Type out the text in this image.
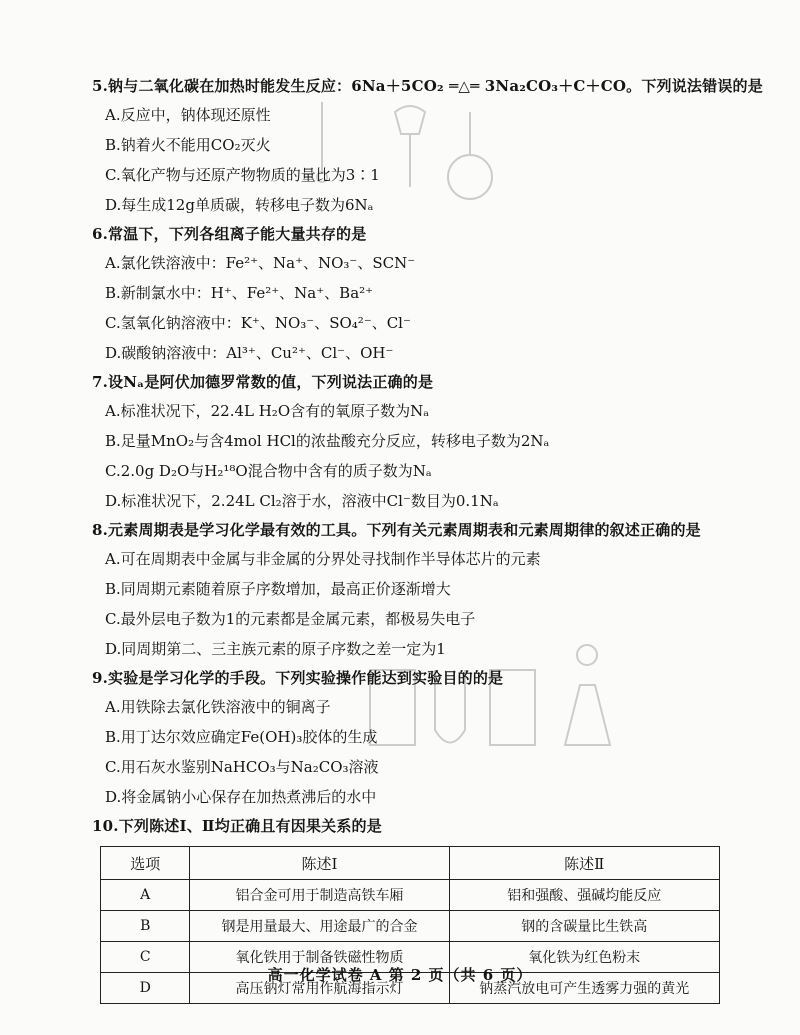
5.钠与二氧化碳在加热时能发生反应：6Na＋5CO₂ ═△═ 3Na₂CO₃＋C＋CO。下列说法错误的是
A.反应中，钠体现还原性
B.钠着火不能用CO₂灭火
C.氧化产物与还原产物物质的量比为3∶1
D.每生成12g单质碳，转移电子数为6Nₐ
6.常温下，下列各组离子能大量共存的是
A.氯化铁溶液中：Fe²⁺、Na⁺、NO₃⁻、SCN⁻
B.新制氯水中：H⁺、Fe²⁺、Na⁺、Ba²⁺
C.氢氧化钠溶液中：K⁺、NO₃⁻、SO₄²⁻、Cl⁻
D.碳酸钠溶液中：Al³⁺、Cu²⁺、Cl⁻、OH⁻
7.设Nₐ是阿伏加德罗常数的值，下列说法正确的是
A.标准状况下，22.4L H₂O含有的氧原子数为Nₐ
B.足量MnO₂与含4mol HCl的浓盐酸充分反应，转移电子数为2Nₐ
C.2.0g D₂O与H₂¹⁸O混合物中含有的质子数为Nₐ
D.标准状况下，2.24L Cl₂溶于水，溶液中Cl⁻数目为0.1Nₐ
8.元素周期表是学习化学最有效的工具。下列有关元素周期表和元素周期律的叙述正确的是
A.可在周期表中金属与非金属的分界处寻找制作半导体芯片的元素
B.同周期元素随着原子序数增加，最高正价逐渐增大
C.最外层电子数为1的元素都是金属元素，都极易失电子
D.同周期第二、三主族元素的原子序数之差一定为1
9.实验是学习化学的手段。下列实验操作能达到实验目的的是
A.用铁除去氯化铁溶液中的铜离子
B.用丁达尔效应确定Fe(OH)₃胶体的生成
C.用石灰水鉴别NaHCO₃与Na₂CO₃溶液
D.将金属钠小心保存在加热煮沸后的水中
10.下列陈述Ⅰ、Ⅱ均正确且有因果关系的是
选项	陈述Ⅰ	陈述Ⅱ
A	铝合金可用于制造高铁车厢	铝和强酸、强碱均能反应
B	钢是用量最大、用途最广的合金	钢的含碳量比生铁高
C	氧化铁用于制备铁磁性物质	氧化铁为红色粉末
D	高压钠灯常用作航海指示灯	钠蒸汽放电可产生透雾力强的黄光
高一化学试卷 A 第 2 页（共 6 页）
